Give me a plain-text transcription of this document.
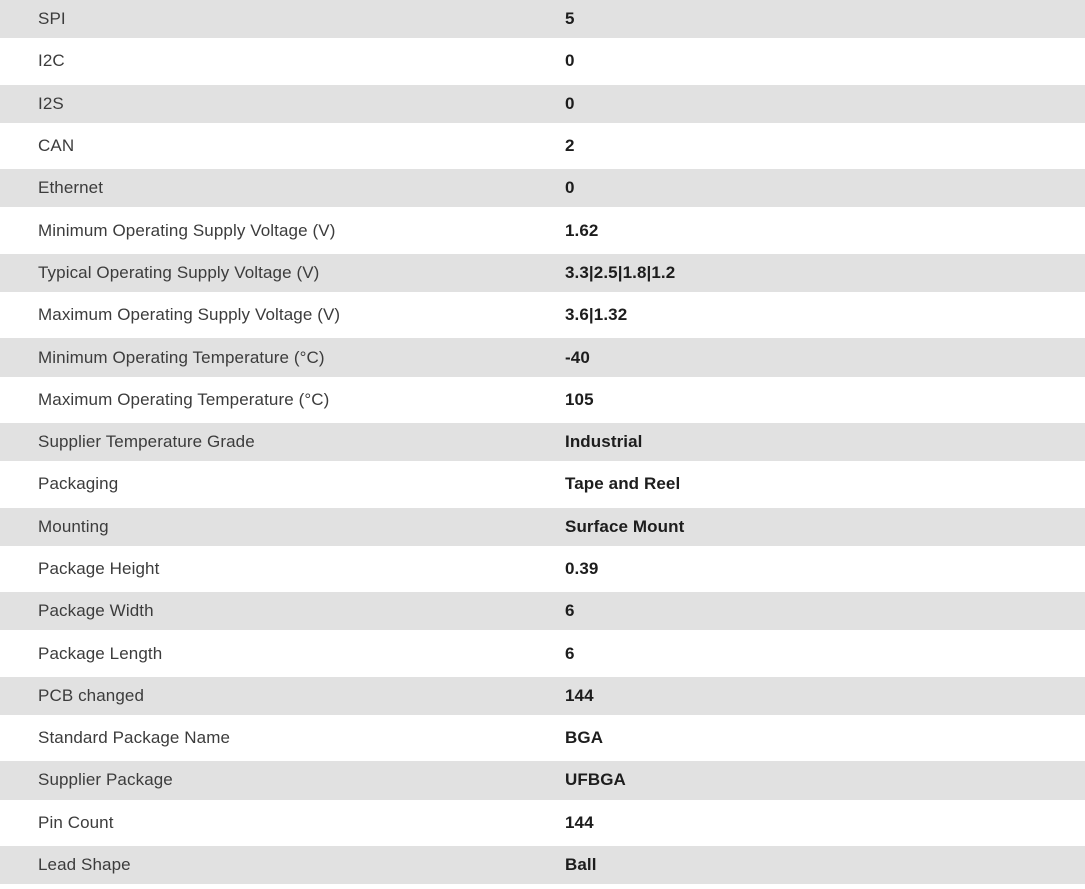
SPI	5
I2C	0
I2S	0
CAN	2
Ethernet	0
Minimum Operating Supply Voltage (V)	1.62
Typical Operating Supply Voltage (V)	3.3|2.5|1.8|1.2
Maximum Operating Supply Voltage (V)	3.6|1.32
Minimum Operating Temperature (°C)	-40
Maximum Operating Temperature (°C)	105
Supplier Temperature Grade	Industrial
Packaging	Tape and Reel
Mounting	Surface Mount
Package Height	0.39
Package Width	6
Package Length	6
PCB changed	144
Standard Package Name	BGA
Supplier Package	UFBGA
Pin Count	144
Lead Shape	Ball
